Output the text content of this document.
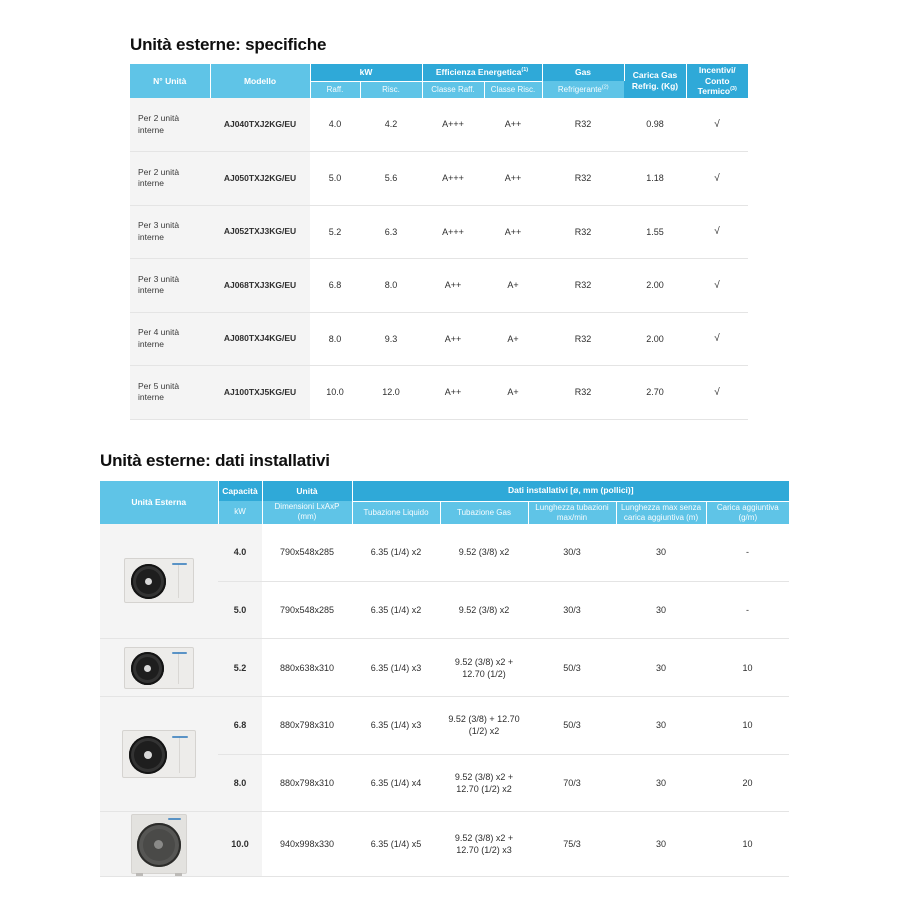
Unità esterne: specifiche
N° Unità	Modello	kW	Efficienza Energetica$^{(1)}$	Gas	Carica Gas
Refrig. (Kg)

Incentivi/
Conto Termico$^{(3)}$

		Raff.	Risc.	Classe Raff.	Classe Risc.	Refrigerante$^{(2)}$
Per 2 unità interne	AJ040TXJ2KG/EU	4.0	4.2	A+++	A++	R32	0.98	√
Per 2 unità interne	AJ050TXJ2KG/EU	5.0	5.6	A+++	A++	R32	1.18	√
Per 3 unità interne	AJ052TXJ3KG/EU	5.2	6.3	A+++	A++	R32	1.55	√
Per 3 unità interne	AJ068TXJ3KG/EU	6.8	8.0	A++	A+	R32	2.00	√
Per 4 unità interne	AJ080TXJ4KG/EU	8.0	9.3	A++	A+	R32	2.00	√
Per 5 unità interne	AJ100TXJ5KG/EU	10.0	12.0	A++	A+	R32	2.70	√
Unità esterne: dati installativi
Unità Esterna	Capacità	Unità	Dati installativi [ø, mm (pollici)]				
	kW	Dimensioni LxAxP (mm)	Tubazione Liquido	Tubazione Gas	Lunghezza tubazioni max/min	Lunghezza max senza carica aggiuntiva (m)	Carica aggiuntiva (g/m)

	4.0	790x548x285	6.35 (1/4) x2	9.52 (3/8) x2	30/3	30	-
	5.0	790x548x285	6.35 (1/4) x2	9.52 (3/8) x2	30/3	30	-

	5.2	880x638x310	6.35 (1/4) x3	9.52 (3/8) x2 + 12.70 (1/2)	50/3	30	10

	6.8	880x798x310	6.35 (1/4) x3	9.52 (3/8) + 12.70 (1/2) x2	50/3	30	10
	8.0	880x798x310	6.35 (1/4) x4	9.52 (3/8) x2 + 12.70 (1/2) x2	70/3	30	20

	10.0	940x998x330	6.35 (1/4) x5	9.52 (3/8) x2 + 12.70 (1/2) x3	75/3	30	10
